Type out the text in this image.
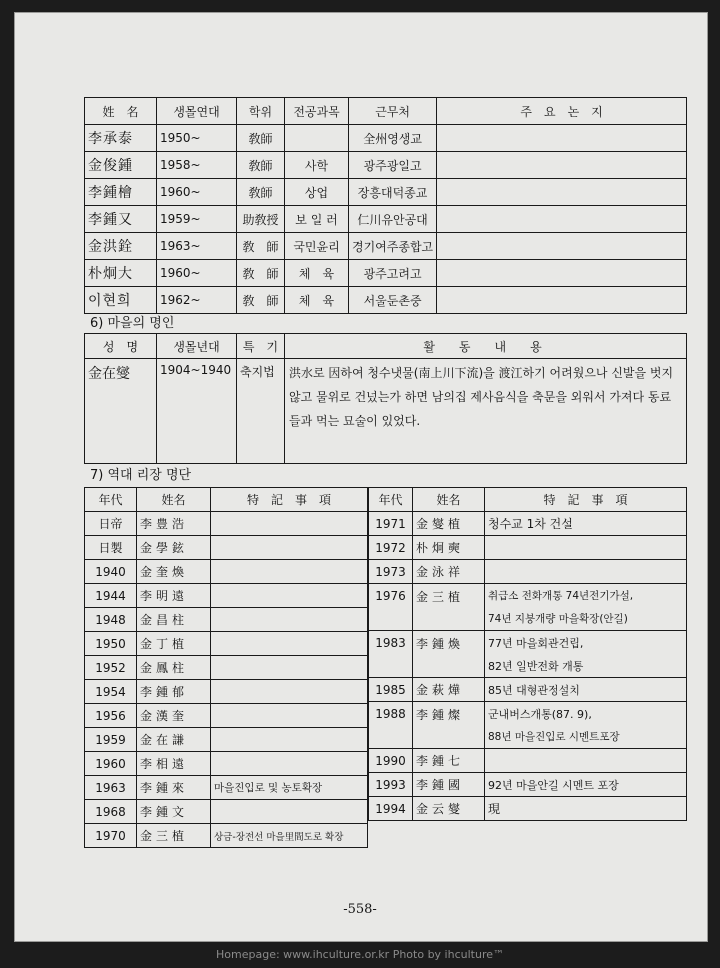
姓　名	생몰연대	학위	전공과목	근무처	주　요　논　지
李承泰	1950~	敎師		全州영생교	
金俊鍾	1958~	敎師	사학	광주광일고	
李鍾檜	1960~	敎師	상업	장흥대덕종교	
李鍾又	1959~	助敎授	보 일 러	仁川유안공대	
金洪銓	1963~	敎　師	국민윤리	경기여주종합고	
朴炯大	1960~	敎　師	체　육	광주고려고	
이현희	1962~	敎　師	체　육	서울둔촌중	
6) 마을의 명인
성　명	생몰년대	특　기	활　동　내　용
金在燮	1904~1940	축지법	洪水로 因하여 청수냇물(南上川下流)을 渡江하기 어려웠으나 신발을 벗지 않고 물위로 건넜는가 하면 남의집 제사음식을 축문을 외워서 가져다 동료들과 먹는 묘술이 있었다.
7) 역대 리장 명단
年代	姓名	特　記　事　項
日帝	李豊浩	
日製	金學鉉	
1940	金奎煥	
1944	李明遠	
1948	金昌柱	
1950	金丁植	
1952	金鳳柱	
1954	李鍾郁	
1956	金漢奎	
1959	金在謙	
1960	李相遠	
1963	李鍾來	마을진입로 및 농토확장
1968	李鍾文	
1970	金三植	상금-장전선 마을里間도로 확장
年代	姓名	特　記　事　項
1971	金燮植	청수교 1차 건설
1972	朴炯奭	
1973	金泳祥	
1976	金三植	취급소 전화개통 74년전기가설,
		74년 지붕개량 마을확장(안길)
1983	李鍾煥	77년 마을회관건립,
		82년 일반전화 개통
1985	金萩燁	85년 대형관정설치
1988	李鍾燦	군내버스개통(87. 9),
		88년 마을진입로 시멘트포장
1990	李鍾七	
1993	李鍾國	92년 마을안길 시멘트 포장
1994	金云燮	現
-558-
Homepage: www.ihculture.or.kr Photo by ihculture™
